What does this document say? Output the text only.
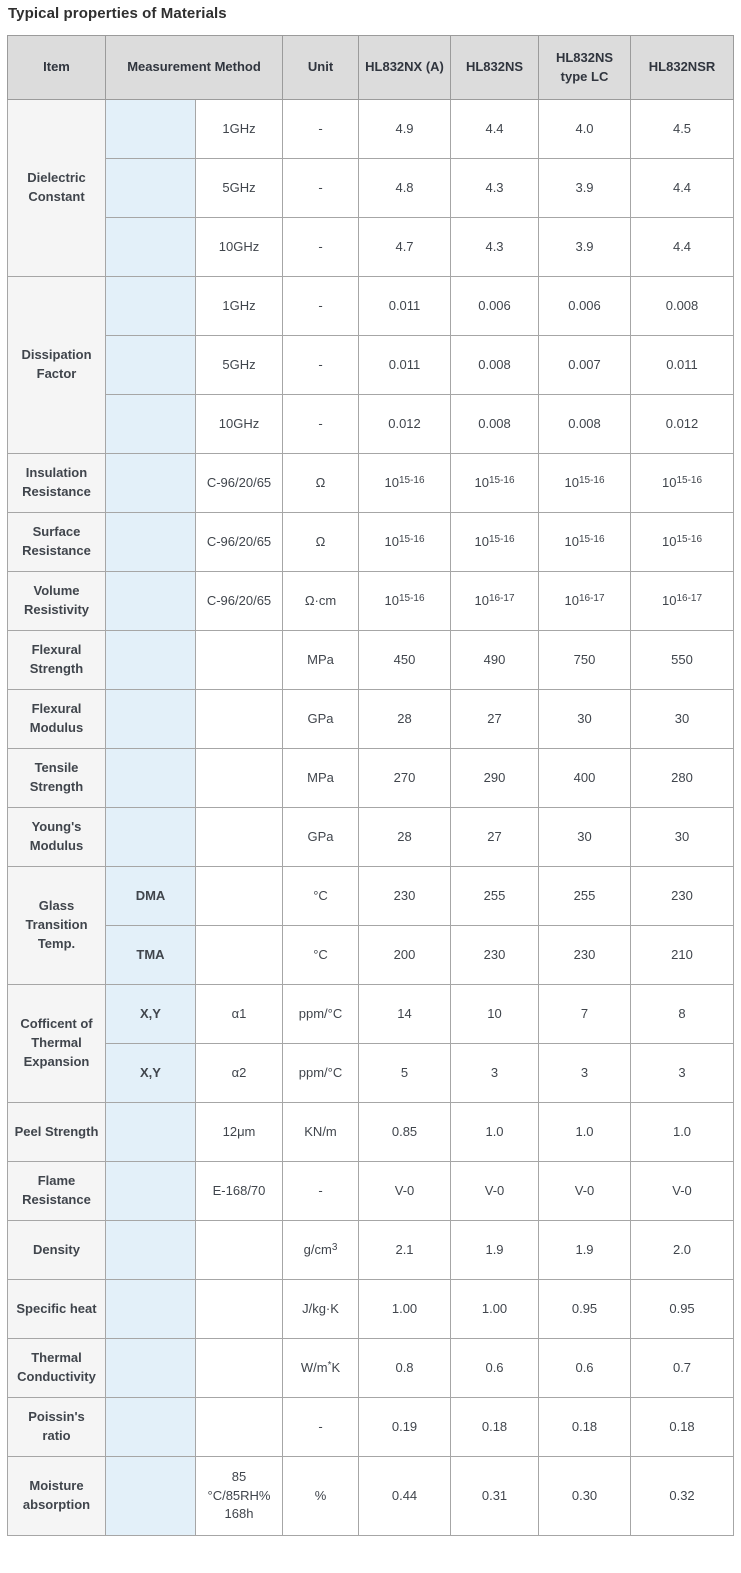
Typical properties of Materials
Item	Measurement Method		Unit	HL832NX (A)	HL832NS	HL832NS type LC	HL832NSR
Dielectric Constant		1GHz	-	4.9	4.4	4.0	4.5
		5GHz	-	4.8	4.3	3.9	4.4
		10GHz	-	4.7	4.3	3.9	4.4
Dissipation Factor		1GHz	-	0.011	0.006	0.006	0.008
		5GHz	-	0.011	0.008	0.007	0.011
		10GHz	-	0.012	0.008	0.008	0.012
Insulation Resistance		C-96/20/65	Ω	10$^{15-16}$	10$^{15-16}$	10$^{15-16}$	10$^{15-16}$
Surface Resistance		C-96/20/65	Ω	10$^{15-16}$	10$^{15-16}$	10$^{15-16}$	10$^{15-16}$
Volume Resistivity		C-96/20/65	Ω·cm	10$^{15-16}$	10$^{16-17}$	10$^{16-17}$	10$^{16-17}$
Flexural Strength			MPa	450	490	750	550
Flexural Modulus			GPa	28	27	30	30
Tensile Strength			MPa	270	290	400	280
Young's Modulus			GPa	28	27	30	30
Glass Transition Temp.	DMA		°C	230	255	255	230
	TMA		°C	200	230	230	210
Cofficent of Thermal Expansion	X,Y	α1	ppm/°C	14	10	7	8
	X,Y	α2	ppm/°C	5	3	3	3
Peel Strength		12μm	KN/m	0.85	1.0	1.0	1.0
Flame Resistance		E-168/70	-	V-0	V-0	V-0	V-0
Density			$g/cm^3$	2.1	1.9	1.9	2.0
Specific heat			J/kg·K	1.00	1.00	0.95	0.95
Thermal Conductivity			W/m*K	0.8	0.6	0.6	0.7
Poissin's ratio			-	0.19	0.18	0.18	0.18
Moisture absorption		85 °C/85RH% 168h	%	0.44	0.31	0.30	0.32
